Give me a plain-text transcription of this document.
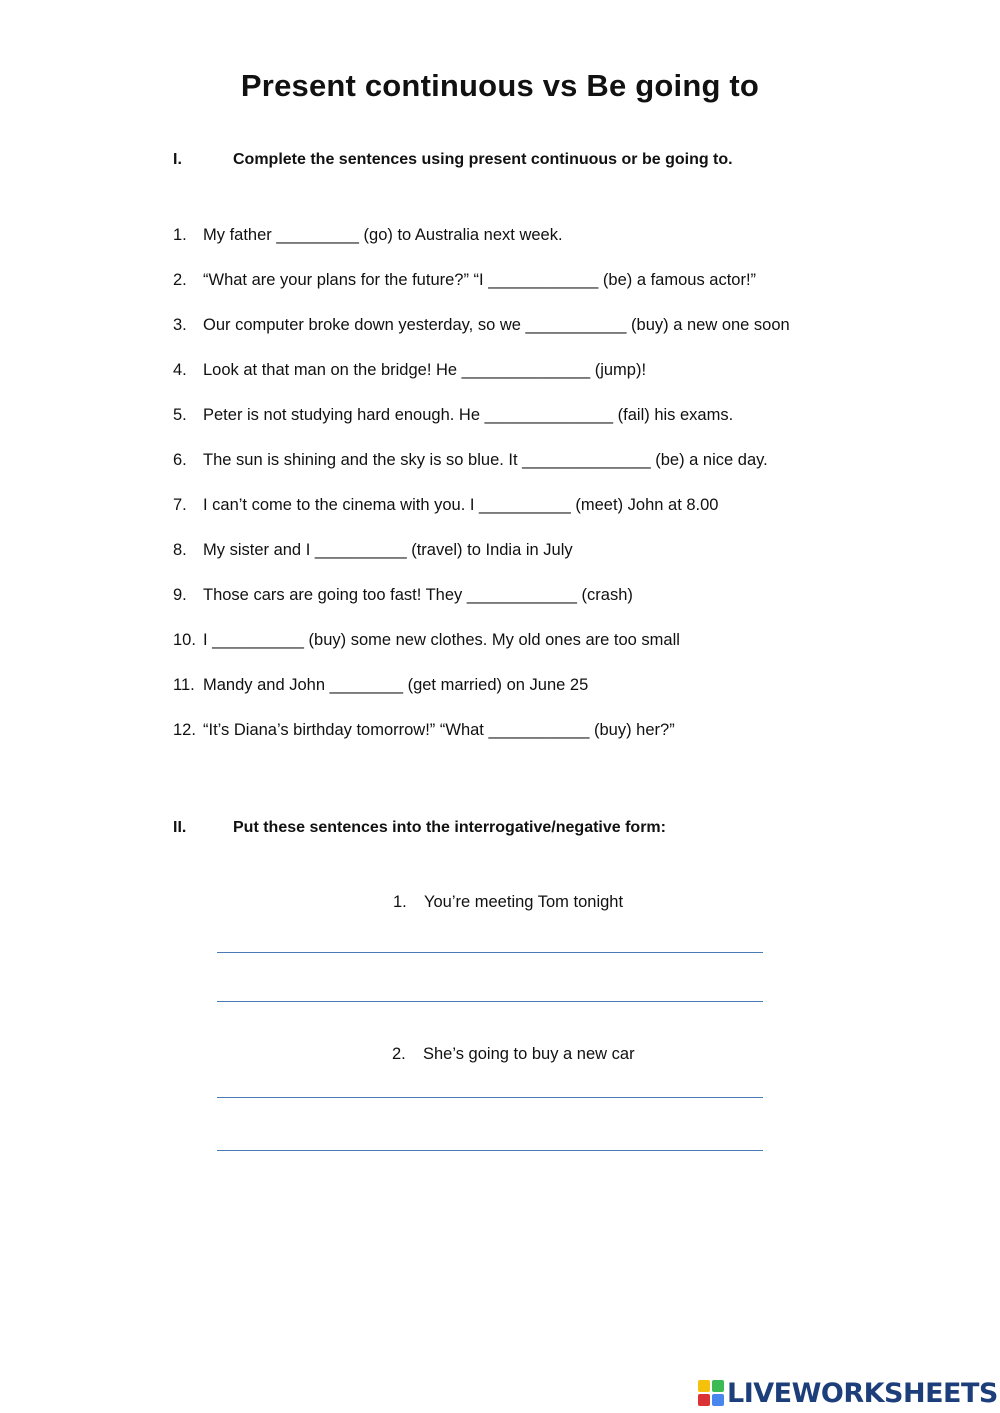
Present continuous vs Be going to
I.	Complete the sentences using present continuous or be going to.
1. My father _________ (go) to Australia next week.
2. “What are your plans for the future?” “I ____________ (be) a famous actor!”
3. Our computer broke down yesterday, so we ___________ (buy) a new one soon
4. Look at that man on the bridge! He ______________ (jump)!
5. Peter is not studying hard enough. He ______________ (fail) his exams.
6. The sun is shining and the sky is so blue. It ______________ (be) a nice day.
7. I can’t come to the cinema with you. I __________ (meet) John at 8.00
8. My sister and I __________ (travel) to India in July
9. Those cars are going too fast! They ____________ (crash)
10. I __________ (buy) some new clothes. My old ones are too small
11. Mandy and John ________ (get married) on June 25
12. “It’s Diana’s birthday tomorrow!” “What ___________ (buy) her?”
II.	Put these sentences into the interrogative/negative form:
1. You’re meeting Tom tonight
2. She’s going to buy a new car
LIVEWORKSHEETS
